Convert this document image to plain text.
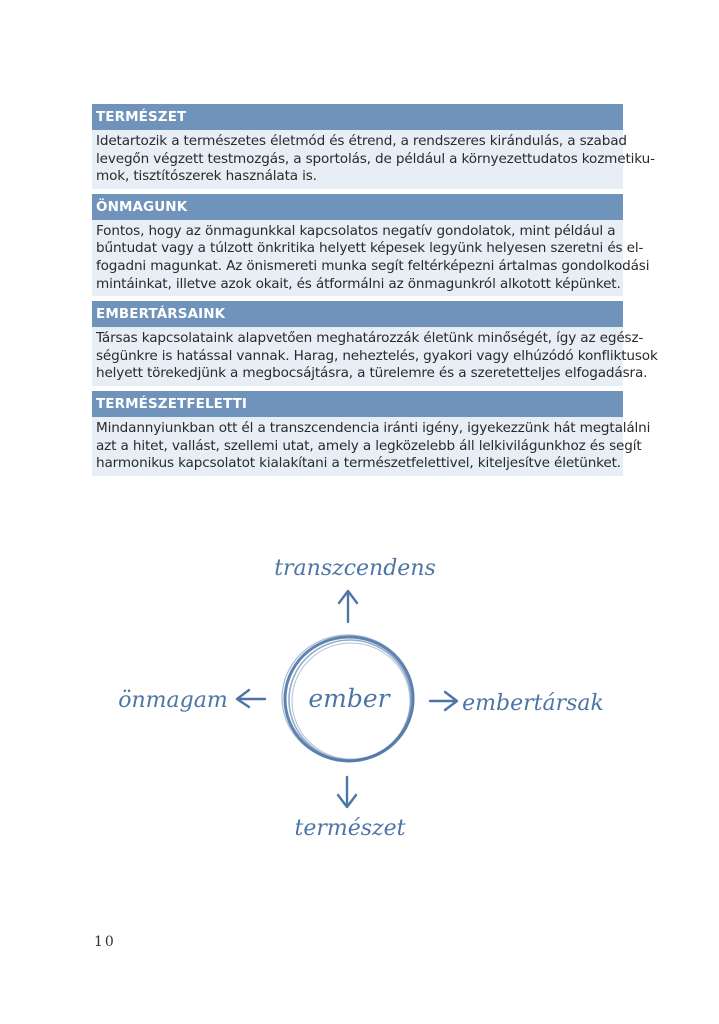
TERMÉSZET
Idetartozik a természetes életmód és étrend, a rendszeres kirándulás, a szabad
levegőn végzett testmozgás, a sportolás, de például a környezettudatos kozmetiku-
mok, tisztítószerek használata is.
ÖNMAGUNK
Fontos, hogy az önmagunkkal kapcsolatos negatív gondolatok, mint például a
bűntudat vagy a túlzott önkritika helyett képesek legyünk helyesen szeretni és el-
fogadni magunkat. Az önismereti munka segít feltérképezni ártalmas gondolkodási
mintáinkat, illetve azok okait, és átformálni az önmagunkról alkotott képünket.
EMBERTÁRSAINK
Társas kapcsolataink alapvetően meghatározzák életünk minőségét, így az egész-
ségünkre is hatással vannak. Harag, neheztelés, gyakori vagy elhúzódó konfliktusok
helyett törekedjünk a megbocsájtásra, a türelemre és a szeretetteljes elfogadásra.
TERMÉSZETFELETTI
Mindannyiunkban ott él a transzcendencia iránti igény, igyekezzünk hát megtalálni
azt a hitet, vallást, szellemi utat, amely a legközelebb áll lelkivilágunkhoz és segít
harmonikus kapcsolatot kialakítani a természetfelettivel, kiteljesítve életünket.
ember
transzcendens
önmagam	embertársak
természet
10
